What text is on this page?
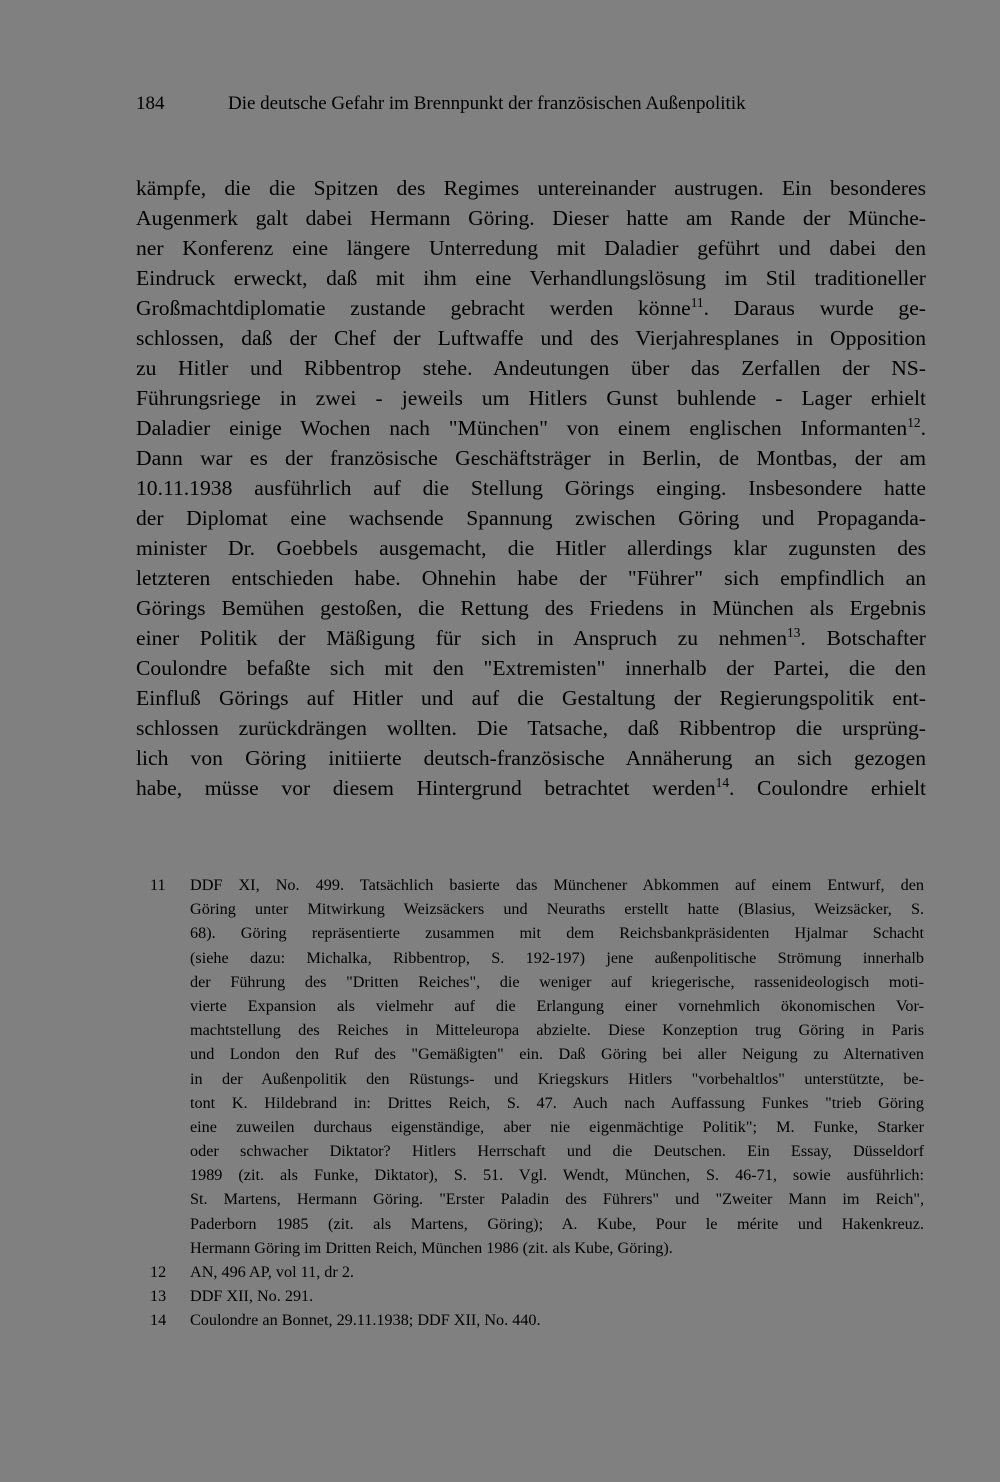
184	Die deutsche Gefahr im Brennpunkt der französischen Außenpolitik
kämpfe, die die Spitzen des Regimes untereinander austrugen. Ein besonderes
Augenmerk galt dabei Hermann Göring. Dieser hatte am Rande der Münche-
ner Konferenz eine längere Unterredung mit Daladier geführt und dabei den
Eindruck erweckt, daß mit ihm eine Verhandlungslösung im Stil traditioneller
Großmachtdiplomatie zustande gebracht werden könne$^{11}$. Daraus wurde ge-
schlossen, daß der Chef der Luftwaffe und des Vierjahresplanes in Opposition
zu Hitler und Ribbentrop stehe. Andeutungen über das Zerfallen der NS-
Führungsriege in zwei - jeweils um Hitlers Gunst buhlende - Lager erhielt
Daladier einige Wochen nach "München" von einem englischen Informanten$^{12}$.
Dann war es der französische Geschäftsträger in Berlin, de Montbas, der am
10.11.1938 ausführlich auf die Stellung Görings einging. Insbesondere hatte
der Diplomat eine wachsende Spannung zwischen Göring und Propaganda-
minister Dr. Goebbels ausgemacht, die Hitler allerdings klar zugunsten des
letzteren entschieden habe. Ohnehin habe der "Führer" sich empfindlich an
Görings Bemühen gestoßen, die Rettung des Friedens in München als Ergebnis
einer Politik der Mäßigung für sich in Anspruch zu nehmen$^{13}$. Botschafter
Coulondre befaßte sich mit den "Extremisten" innerhalb der Partei, die den
Einfluß Görings auf Hitler und auf die Gestaltung der Regierungspolitik ent-
schlossen zurückdrängen wollten. Die Tatsache, daß Ribbentrop die ursprüng-
lich von Göring initiierte deutsch-französische Annäherung an sich gezogen
habe, müsse vor diesem Hintergrund betrachtet werden$^{14}$. Coulondre erhielt
11	DDF XI, No. 499. Tatsächlich basierte das Münchener Abkommen auf einem Entwurf, den
Göring unter Mitwirkung Weizsäckers und Neuraths erstellt hatte (Blasius, Weizsäcker, S.
68). Göring repräsentierte zusammen mit dem Reichsbankpräsidenten Hjalmar Schacht
(siehe dazu: Michalka, Ribbentrop, S. 192-197) jene außenpolitische Strömung innerhalb
der Führung des "Dritten Reiches", die weniger auf kriegerische, rassenideologisch moti-
vierte Expansion als vielmehr auf die Erlangung einer vornehmlich ökonomischen Vor-
machtstellung des Reiches in Mitteleuropa abzielte. Diese Konzeption trug Göring in Paris
und London den Ruf des "Gemäßigten" ein. Daß Göring bei aller Neigung zu Alternativen
in der Außenpolitik den Rüstungs- und Kriegskurs Hitlers "vorbehaltlos" unterstützte, be-
tont K. Hildebrand in: Drittes Reich, S. 47. Auch nach Auffassung Funkes "trieb Göring
eine zuweilen durchaus eigenständige, aber nie eigenmächtige Politik"; M. Funke, Starker
oder schwacher Diktator? Hitlers Herrschaft und die Deutschen. Ein Essay, Düsseldorf
1989 (zit. als Funke, Diktator), S. 51. Vgl. Wendt, München, S. 46-71, sowie ausführlich:
St. Martens, Hermann Göring. "Erster Paladin des Führers" und "Zweiter Mann im Reich",
Paderborn 1985 (zit. als Martens, Göring); A. Kube, Pour le mérite und Hakenkreuz.
Hermann Göring im Dritten Reich, München 1986 (zit. als Kube, Göring).
12	AN, 496 AP, vol 11, dr 2.
13	DDF XII, No. 291.
14	Coulondre an Bonnet, 29.11.1938; DDF XII, No. 440.
